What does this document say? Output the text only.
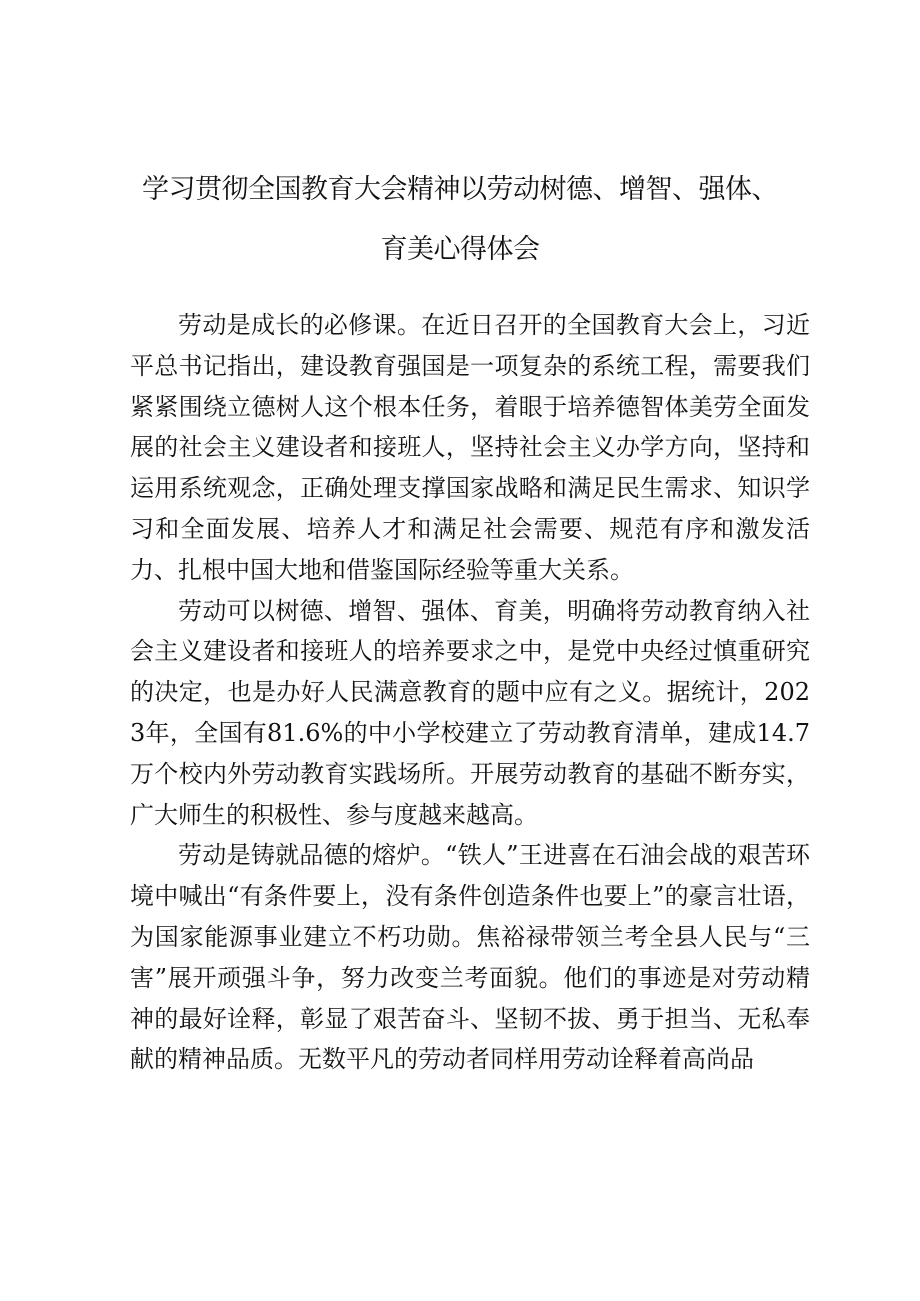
学习贯彻全国教育大会精神以劳动树德、增智、强体、
育美心得体会

劳动是成长的必修课。在近日召开的全国教育大会上，习近平总书记指出，建设教育强国是一项复杂的系统工程，需要我们紧紧围绕立德树人这个根本任务，着眼于培养德智体美劳全面发展的社会主义建设者和接班人，坚持社会主义办学方向，坚持和运用系统观念，正确处理支撑国家战略和满足民生需求、知识学习和全面发展、培养人才和满足社会需要、规范有序和激发活力、扎根中国大地和借鉴国际经验等重大关系。

劳动可以树德、增智、强体、育美，明确将劳动教育纳入社会主义建设者和接班人的培养要求之中，是党中央经过慎重研究的决定，也是办好人民满意教育的题中应有之义。据统计，2023年，全国有81.6%的中小学校建立了劳动教育清单，建成14.7万个校内外劳动教育实践场所。开展劳动教育的基础不断夯实，广大师生的积极性、参与度越来越高。

劳动是铸就品德的熔炉。“铁人”王进喜在石油会战的艰苦环境中喊出“有条件要上，没有条件创造条件也要上”的豪言壮语，为国家能源事业建立不朽功勋。焦裕禄带领兰考全县人民与“三害”展开顽强斗争，努力改变兰考面貌。他们的事迹是对劳动精神的最好诠释，彰显了艰苦奋斗、坚韧不拔、勇于担当、无私奉献的精神品质。无数平凡的劳动者同样用劳动诠释着高尚品
